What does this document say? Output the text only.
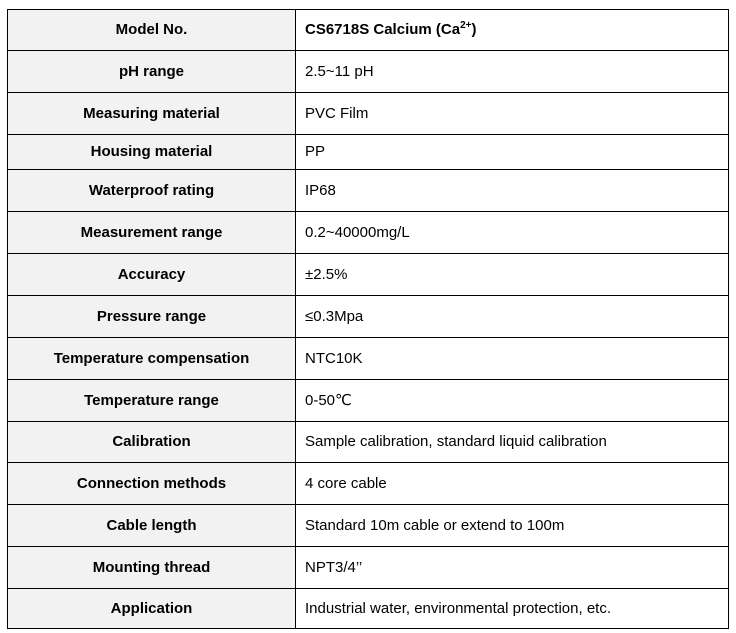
Model No.	CS6718S Calcium $(Ca^{2+})$
pH range	2.5~11 pH
Measuring material	PVC Film
Housing material	PP
Waterproof rating	IP68
Measurement range	0.2~40000mg/L
Accuracy	±2.5%
Pressure range	≤0.3Mpa
Temperature compensation	NTC10K
Temperature range	0-50℃
Calibration	Sample calibration, standard liquid calibration
Connection methods	4 core cable
Cable length	Standard 10m cable or extend to 100m
Mounting thread	NPT3/4’’
Application	Industrial water, environmental protection, etc.
